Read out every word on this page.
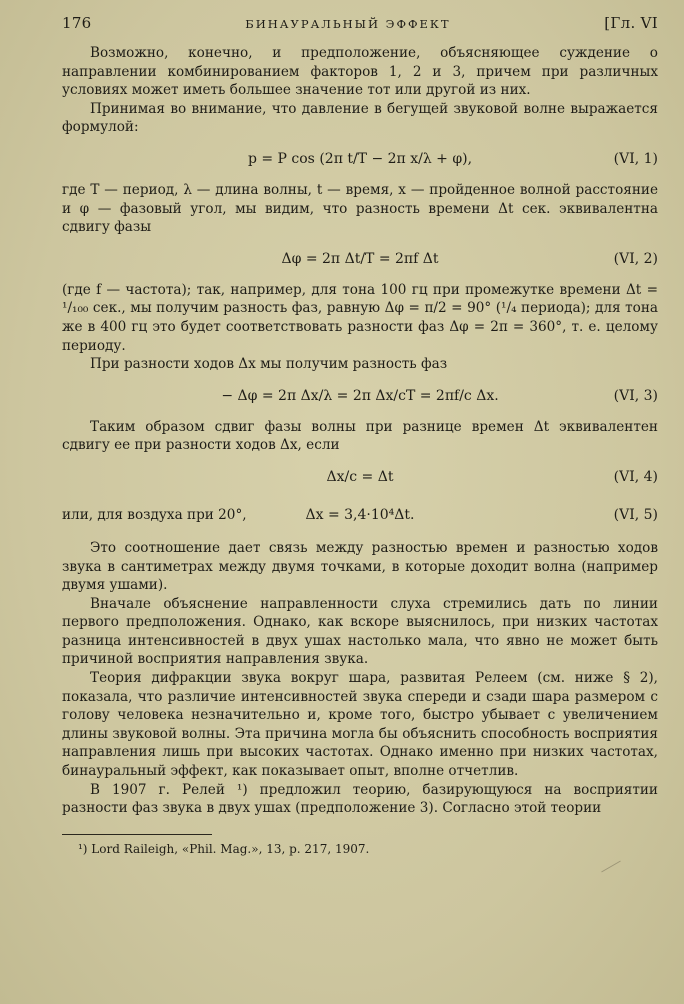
176	БИНАУРАЛЬНЫЙ ЭФФЕКТ	[Гл. VI

Возможно, конечно, и предположение, объясняющее суждение о направлении комбинированием факторов 1, 2 и 3, причем при различных условиях может иметь большее значение тот или другой из них.

Принимая во внимание, что давление в бегущей звуковой волне выражается формулой:

p = P cos (2π t/T − 2π x/λ + φ),	(VI, 1)

где T — период, λ — длина волны, t — время, x — пройденное волной расстояние и φ — фазовый угол, мы видим, что разность времени Δt сек. эквивалентна сдвигу фазы

Δφ = 2π Δt/T = 2πf Δt	(VI, 2)

(где f — частота); так, например, для тона 100 гц при промежутке времени Δt = ¹/₁₀₀ сек., мы получим разность фаз, равную Δφ = π/2 = 90° (¹/₄ периода); для тона же в 400 гц это будет соответствовать разности фаз Δφ = 2π = 360°, т. е. целому периоду.

При разности ходов Δx мы получим разность фаз

− Δφ = 2π Δx/λ = 2π Δx/cT = 2πf/c Δx.	(VI, 3)

Таким образом сдвиг фазы волны при разнице времен Δt эквивалентен сдвигу ее при разности ходов Δx, если

Δx/c = Δt	(VI, 4)
или, для воздуха при 20°,	Δx = 3,4·10⁴Δt.	(VI, 5)

Это соотношение дает связь между разностью времен и разностью ходов звука в сантиметрах между двумя точками, в которые доходит волна (например двумя ушами).

Вначале объяснение направленности слуха стремились дать по линии первого предположения. Однако, как вскоре выяснилось, при низких частотах разница интенсивностей в двух ушах настолько мала, что явно не может быть причиной восприятия направления звука.

Теория дифракции звука вокруг шара, развитая Релеем (см. ниже § 2), показала, что различие интенсивностей звука спереди и сзади шара размером с голову человека незначительно и, кроме того, быстро убывает с увеличением длины звуковой волны. Эта причина могла бы объяснить способность восприятия направления лишь при высоких частотах. Однако именно при низких частотах, бинауральный эффект, как показывает опыт, вполне отчетлив.

В 1907 г. Релей ¹) предложил теорию, базирующуюся на восприятии разности фаз звука в двух ушах (предположение 3). Согласно этой теории

¹) Lord Raileigh, «Phil. Mag.», 13, p. 217, 1907.
